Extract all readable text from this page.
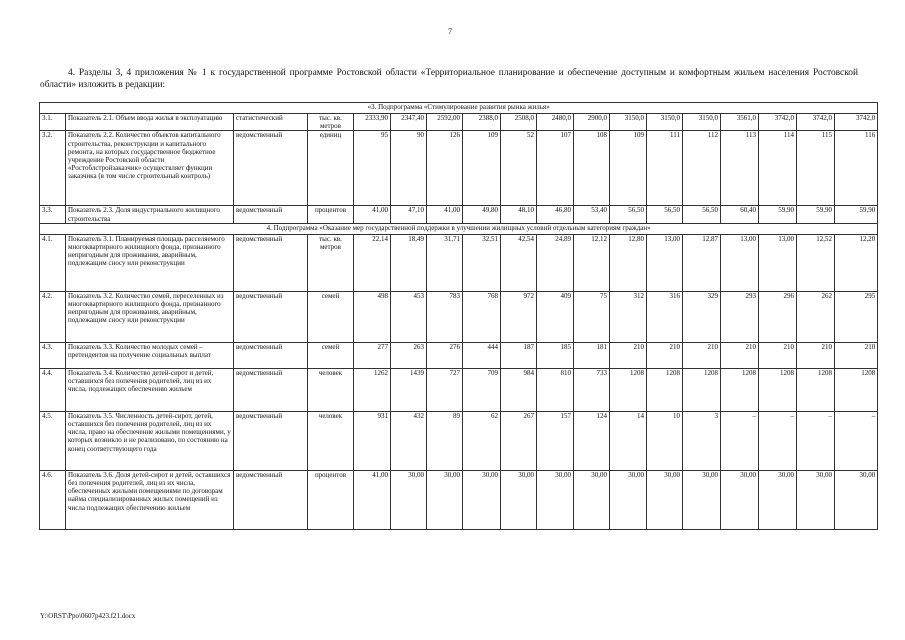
7
4. Разделы 3, 4 приложения № 1 к государственной программе Ростовской области «Территориальное планирование и обеспечение доступным и комфортным жильем населения Ростовской области» изложить в редакции:
«3. Подпрограмма «Стимулирование развития рынка жилья»																	
3.1.	Показатель 2.1. Объем ввода жилья в эксплуатацию	статистический	тыс. кв. метров	2333,90	2347,40	2592,00	2388,0	2508,0	2480,0	2900,0	3150,0	3150,0	3150,0	3561,0	3742,0	3742,0	3742,0
3.2.	Показатель 2.2. Количество объектов капитального строительства, реконструкции и капитального ремонта, на которых государственное бюджетное учреждение Ростовской области «Ростоблстройзаказчик» осуществляет функции заказчика (в том числе строительный контроль)	ведомственный	единиц	95	90	126	109	52	107	108	109	111	112	113	114	115	116
3.3.	Показатель 2.3. Доля индустриального жилищного строительства	ведомственный	процентов	41,00	47,10	41,00	49,80	48,10	46,80	53,40	56,50	56,50	56,50	60,40	59,90	59,90	59,90
4. Подпрограмма «Оказание мер государственной поддержки в улучшении жилищных условий отдельным категориям граждан»																	
4.1.	Показатель 3.1. Планируемая площадь расселяемого многоквартирного жилищного фонда, признанного непригодным для проживания, аварийным, подлежащим сносу или реконструкции	ведомственный	тыс. кв. метров	22,14	18,49	31,71	32,51	42,54	24,89	12,12	12,80	13,00	12,87	13,00	13,00	12,52	12,20
4.2.	Показатель 3.2. Количество семей, переселенных из многоквартирного жилищного фонда, признанного непригодным для проживания, аварийным, подлежащим сносу или реконструкции	ведомственный	семей	498	453	783	768	972	409	75	312	316	329	293	296	262	295
4.3.	Показатель 3.3. Количество молодых семей – претендентов на получение социальных выплат	ведомственный	семей	277	263	276	444	187	185	181	210	210	210	210	210	210	210
4.4.	Показатель 3.4. Количество детей-сирот и детей, оставшихся без попечения родителей, лиц из их числа, подлежащих обеспечению жильем	ведомственный	человек	1262	1439	727	709	984	810	733	1208	1208	1208	1208	1208	1208	1208
4.5.	Показатель 3.5. Численность детей-сирот, детей, оставшихся без попечения родителей, лиц из их числа, право на обеспечение жилыми помещениями, у которых возникло и не реализовано, по состоянию на конец соответствующего года	ведомственный	человек	931	432	89	62	267	157	124	14	10	3	–	–	–	–
4.6.	Показатель 3.6. Доля детей-сирот и детей, оставшихся без попечения родителей, лиц из их числа, обеспеченных жилыми помещениями по договорам найма специализированных жилых помещений из числа подлежащих обеспечению жильем	ведомственный	процентов	41,00	30,00	30,00	30,00	30,00	30,00	30,00	30,00	30,00	30,00	30,00	30,00	30,00	30,00
Y:\ORST\Ppo\0607p423.f21.docx
